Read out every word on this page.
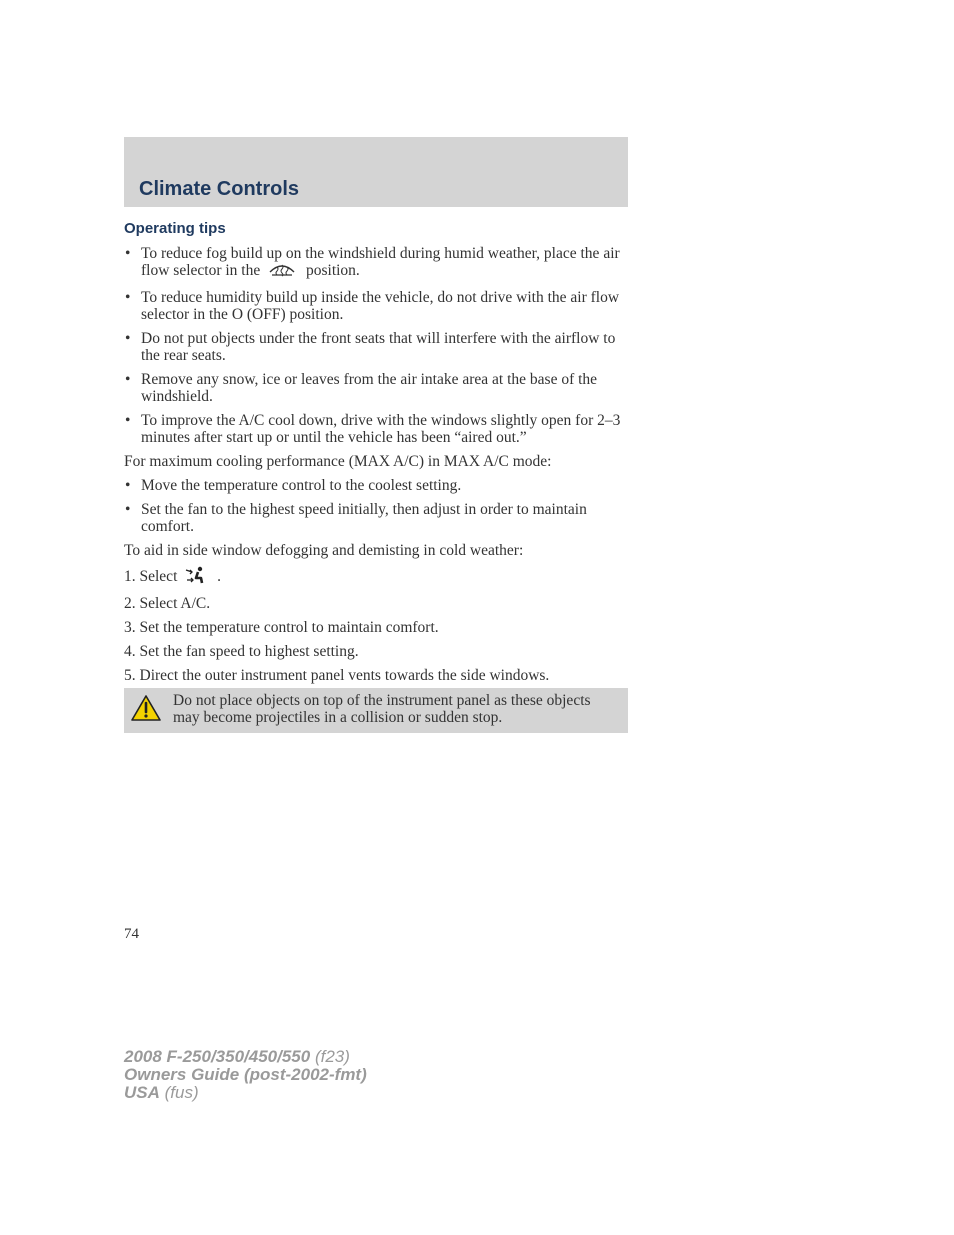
Climate Controls
Operating tips
• To reduce fog build up on the windshield during humid weather, place the air flow selector in the	position.
• To reduce humidity build up inside the vehicle, do not drive with the air flow selector in the O (OFF) position.
• Do not put objects under the front seats that will interfere with the airflow to the rear seats.
• Remove any snow, ice or leaves from the air intake area at the base of the windshield.
• To improve the A/C cool down, drive with the windows slightly open for 2–3 minutes after start up or until the vehicle has been “aired out.”

For maximum cooling performance (MAX A/C) in MAX A/C mode:

• Move the temperature control to the coolest setting.
• Set the fan to the highest speed initially, then adjust in order to maintain comfort.

To aid in side window defogging and demisting in cold weather:

1. Select	.
2. Select A/C.
3. Set the temperature control to maintain comfort.
4. Set the fan speed to highest setting.
5. Direct the outer instrument panel vents towards the side windows.
Do not place objects on top of the instrument panel as these objects may become projectiles in a collision or sudden stop.
74
2008 F-250/350/450/550 (f23)
Owners Guide (post-2002-fmt)
USA (fus)
